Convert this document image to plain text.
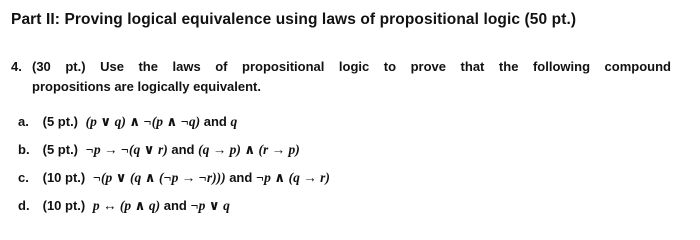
Part II: Proving logical equivalence using laws of propositional logic (50 pt.)
4. (30 pt.) Use the laws of propositional logic to prove that the following compound
propositions are logically equivalent.
a. (5 pt.) (p ∨ q) ∧ ¬(p ∧ ¬q) and q
b. (5 pt.) ¬p → ¬(q ∨ r) and (q → p) ∧ (r → p)
c. (10 pt.) ¬(p ∨ (q ∧ (¬p → ¬r))) and ¬p ∧ (q → r)
d. (10 pt.) p ↔ (p ∧ q) and ¬p ∨ q
